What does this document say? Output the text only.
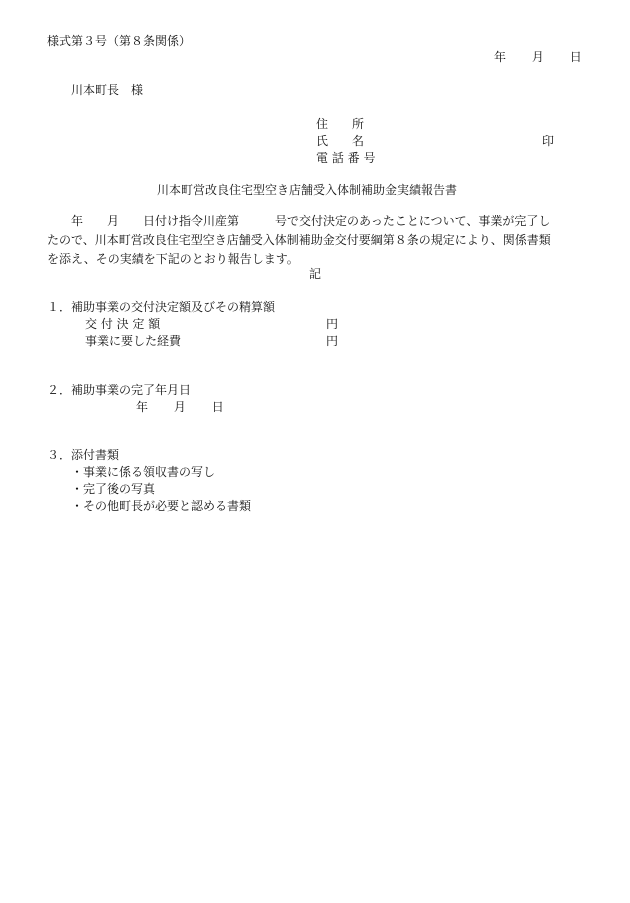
様式第３号（第８条関係）
年 月 日
川本町長　様
住　　所
氏　　名	印
電 話 番 号
川本町営改良住宅型空き店舗受入体制補助金実績報告書
　　年　　月　　日付け指令川産第　　　号で交付決定のあったことについて、事業が完了し
たので、川本町営改良住宅型空き店舗受入体制補助金交付要綱第８条の規定により、関係書類
を添え、その実績を下記のとおり報告します。
記
１．補助事業の交付決定額及びその精算額
交 付 決 定 額	円
事業に要した経費	円
２．補助事業の完了年月日
年 月 日
３．添付書類
・事業に係る領収書の写し
・完了後の写真
・その他町長が必要と認める書類
